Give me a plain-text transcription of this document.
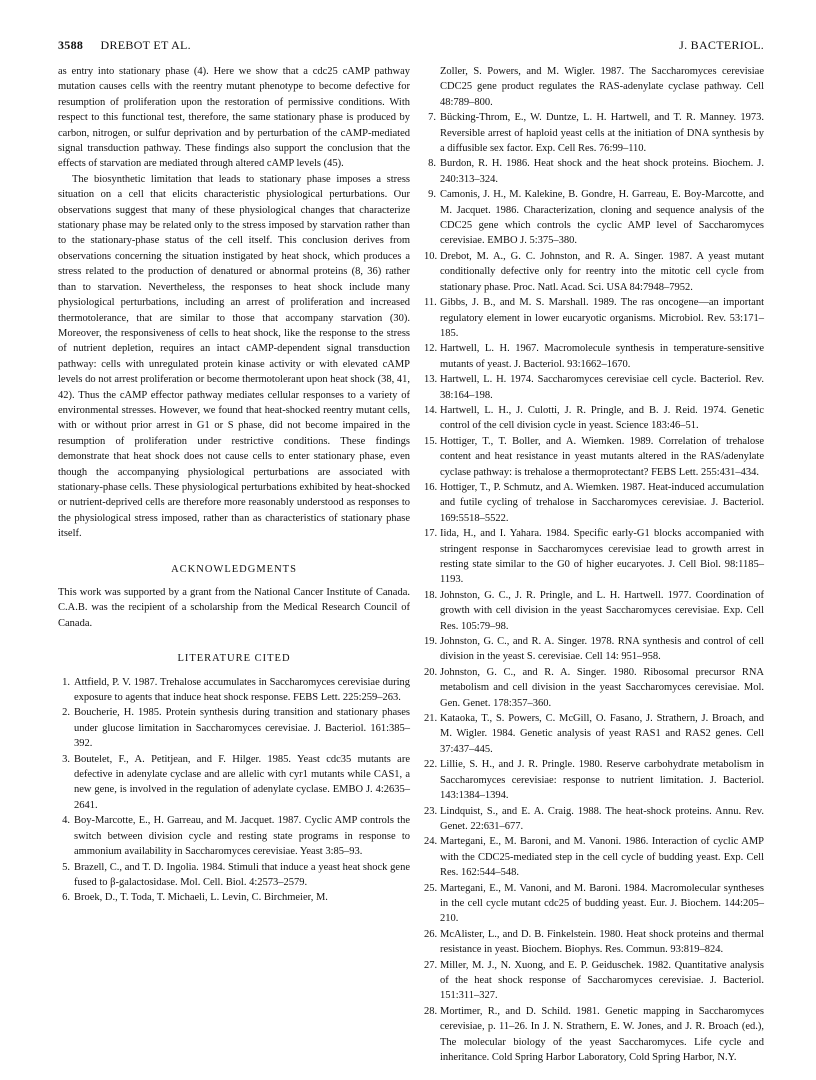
3588 DREBOT ET AL.	J. BACTERIOL.

as entry into stationary phase (4). Here we show that a cdc25 cAMP pathway mutation causes cells with the reentry mutant phenotype to become defective for resumption of proliferation upon the restoration of permissive conditions. With respect to this functional test, therefore, the same stationary phase is produced by carbon, nitrogen, or sulfur deprivation and by perturbation of the cAMP-mediated signal transduction pathway. These findings also support the conclusion that the effects of starvation are mediated through altered cAMP levels (45).

The biosynthetic limitation that leads to stationary phase imposes a stress situation on a cell that elicits characteristic physiological perturbations. Our observations suggest that many of these physiological changes that characterize stationary phase may be related only to the stress imposed by starvation rather than to the stationary-phase status of the cell itself. This conclusion derives from observations concerning the situation instigated by heat shock, which produces a stress related to the production of denatured or abnormal proteins (8, 36) rather than to starvation. Nevertheless, the responses to heat shock include many physiological perturbations, including an arrest of proliferation and increased thermotolerance, that are similar to those that accompany starvation (30). Moreover, the responsiveness of cells to heat shock, like the response to the stress of nutrient depletion, requires an intact cAMP-dependent signal transduction pathway: cells with unregulated protein kinase activity or with elevated cAMP levels do not arrest proliferation or become thermotolerant upon heat shock (38, 41, 42). Thus the cAMP effector pathway mediates cellular responses to a variety of environmental stresses. However, we found that heat-shocked reentry mutant cells, with or without prior arrest in G1 or S phase, did not become impaired in the resumption of proliferation under restrictive conditions. These findings demonstrate that heat shock does not cause cells to enter stationary phase, even though the accompanying physiological perturbations are associated with stationary-phase cells. These physiological perturbations exhibited by heat-shocked or nutrient-deprived cells are therefore more reasonably understood as responses to the physiological stress imposed, rather than as characteristics of stationary phase itself.

ACKNOWLEDGMENTS

This work was supported by a grant from the National Cancer Institute of Canada. C.A.B. was the recipient of a scholarship from the Medical Research Council of Canada.

LITERATURE CITED
1. Attfield, P. V. 1987. Trehalose accumulates in Saccharomyces cerevisiae during exposure to agents that induce heat shock response. FEBS Lett. 225:259–263.
2. Boucherie, H. 1985. Protein synthesis during transition and stationary phases under glucose limitation in Saccharomyces cerevisiae. J. Bacteriol. 161:385–392.
3. Boutelet, F., A. Petitjean, and F. Hilger. 1985. Yeast cdc35 mutants are defective in adenylate cyclase and are allelic with cyr1 mutants while CAS1, a new gene, is involved in the regulation of adenylate cyclase. EMBO J. 4:2635–2641.
4. Boy-Marcotte, E., H. Garreau, and M. Jacquet. 1987. Cyclic AMP controls the switch between division cycle and resting state programs in response to ammonium availability in Saccharomyces cerevisiae. Yeast 3:85–93.
5. Brazell, C., and T. D. Ingolia. 1984. Stimuli that induce a yeast heat shock gene fused to β-galactosidase. Mol. Cell. Biol. 4:2573–2579.
6. Broek, D., T. Toda, T. Michaeli, L. Levin, C. Birchmeier, M.
Zoller, S. Powers, and M. Wigler. 1987. The Saccharomyces cerevisiae CDC25 gene product regulates the RAS-adenylate cyclase pathway. Cell 48:789–800.
7. Bücking-Throm, E., W. Duntze, L. H. Hartwell, and T. R. Manney. 1973. Reversible arrest of haploid yeast cells at the initiation of DNA synthesis by a diffusible sex factor. Exp. Cell Res. 76:99–110.
8. Burdon, R. H. 1986. Heat shock and the heat shock proteins. Biochem. J. 240:313–324.
9. Camonis, J. H., M. Kalekine, B. Gondre, H. Garreau, E. Boy-Marcotte, and M. Jacquet. 1986. Characterization, cloning and sequence analysis of the CDC25 gene which controls the cyclic AMP level of Saccharomyces cerevisiae. EMBO J. 5:375–380.
10. Drebot, M. A., G. C. Johnston, and R. A. Singer. 1987. A yeast mutant conditionally defective only for reentry into the mitotic cell cycle from stationary phase. Proc. Natl. Acad. Sci. USA 84:7948–7952.
11. Gibbs, J. B., and M. S. Marshall. 1989. The ras oncogene—an important regulatory element in lower eucaryotic organisms. Microbiol. Rev. 53:171–185.
12. Hartwell, L. H. 1967. Macromolecule synthesis in temperature-sensitive mutants of yeast. J. Bacteriol. 93:1662–1670.
13. Hartwell, L. H. 1974. Saccharomyces cerevisiae cell cycle. Bacteriol. Rev. 38:164–198.
14. Hartwell, L. H., J. Culotti, J. R. Pringle, and B. J. Reid. 1974. Genetic control of the cell division cycle in yeast. Science 183:46–51.
15. Hottiger, T., T. Boller, and A. Wiemken. 1989. Correlation of trehalose content and heat resistance in yeast mutants altered in the RAS/adenylate cyclase pathway: is trehalose a thermoprotectant? FEBS Lett. 255:431–434.
16. Hottiger, T., P. Schmutz, and A. Wiemken. 1987. Heat-induced accumulation and futile cycling of trehalose in Saccharomyces cerevisiae. J. Bacteriol. 169:5518–5522.
17. Iida, H., and I. Yahara. 1984. Specific early-G1 blocks accompanied with stringent response in Saccharomyces cerevisiae lead to growth arrest in resting state similar to the G0 of higher eucaryotes. J. Cell Biol. 98:1185–1193.
18. Johnston, G. C., J. R. Pringle, and L. H. Hartwell. 1977. Coordination of growth with cell division in the yeast Saccharomyces cerevisiae. Exp. Cell Res. 105:79–98.
19. Johnston, G. C., and R. A. Singer. 1978. RNA synthesis and control of cell division in the yeast S. cerevisiae. Cell 14: 951–958.
20. Johnston, G. C., and R. A. Singer. 1980. Ribosomal precursor RNA metabolism and cell division in the yeast Saccharomyces cerevisiae. Mol. Gen. Genet. 178:357–360.
21. Kataoka, T., S. Powers, C. McGill, O. Fasano, J. Strathern, J. Broach, and M. Wigler. 1984. Genetic analysis of yeast RAS1 and RAS2 genes. Cell 37:437–445.
22. Lillie, S. H., and J. R. Pringle. 1980. Reserve carbohydrate metabolism in Saccharomyces cerevisiae: response to nutrient limitation. J. Bacteriol. 143:1384–1394.
23. Lindquist, S., and E. A. Craig. 1988. The heat-shock proteins. Annu. Rev. Genet. 22:631–677.
24. Martegani, E., M. Baroni, and M. Vanoni. 1986. Interaction of cyclic AMP with the CDC25-mediated step in the cell cycle of budding yeast. Exp. Cell Res. 162:544–548.
25. Martegani, E., M. Vanoni, and M. Baroni. 1984. Macromolecular syntheses in the cell cycle mutant cdc25 of budding yeast. Eur. J. Biochem. 144:205–210.
26. McAlister, L., and D. B. Finkelstein. 1980. Heat shock proteins and thermal resistance in yeast. Biochem. Biophys. Res. Commun. 93:819–824.
27. Miller, M. J., N. Xuong, and E. P. Geiduschek. 1982. Quantitative analysis of the heat shock response of Saccharomyces cerevisiae. J. Bacteriol. 151:311–327.
28. Mortimer, R., and D. Schild. 1981. Genetic mapping in Saccharomyces cerevisiae, p. 11–26. In J. N. Strathern, E. W. Jones, and J. R. Broach (ed.), The molecular biology of the yeast Saccharomyces. Life cycle and inheritance. Cold Spring Harbor Laboratory, Cold Spring Harbor, N.Y.
